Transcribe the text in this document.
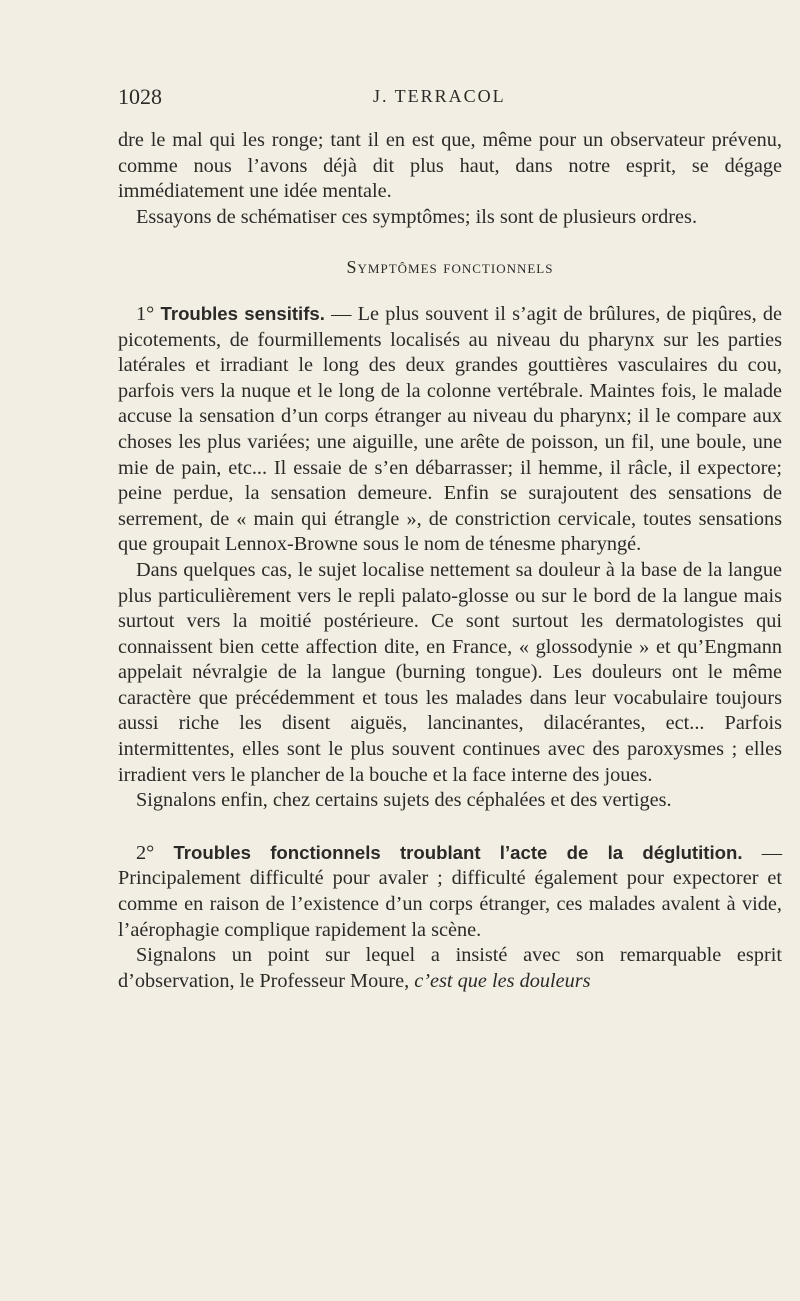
1028	J. TERRACOL

dre le mal qui les ronge; tant il en est que, même pour un observateur prévenu, comme nous l’avons déjà dit plus haut, dans notre esprit, se dégage immédiatement une idée mentale.

Essayons de schématiser ces symptômes; ils sont de plusieurs ordres.

Symptômes fonctionnels

1° Troubles sensitifs. — Le plus souvent il s’agit de brûlures, de piqûres, de picotements, de fourmillements localisés au niveau du pharynx sur les parties latérales et irradiant le long des deux grandes gouttières vasculaires du cou, parfois vers la nuque et le long de la colonne vertébrale. Maintes fois, le malade accuse la sensation d’un corps étranger au niveau du pharynx; il le compare aux choses les plus variées; une aiguille, une arête de poisson, un fil, une boule, une mie de pain, etc... Il essaie de s’en débarrasser; il hemme, il râcle, il expectore; peine perdue, la sensation demeure. Enfin se surajoutent des sensations de serrement, de « main qui étrangle », de constriction cervicale, toutes sensations que groupait Lennox-Browne sous le nom de ténesme pharyngé.

Dans quelques cas, le sujet localise nettement sa douleur à la base de la langue plus particulièrement vers le repli palato-glosse ou sur le bord de la langue mais surtout vers la moitié postérieure. Ce sont surtout les dermatologistes qui connaissent bien cette affection dite, en France, « glossodynie » et qu’Engmann appelait névralgie de la langue (burning tongue). Les douleurs ont le même caractère que précédemment et tous les malades dans leur vocabulaire toujours aussi riche les disent aiguës, lancinantes, dilacérantes, ect... Parfois intermittentes, elles sont le plus souvent continues avec des paroxysmes ; elles irradient vers le plancher de la bouche et la face interne des joues.

Signalons enfin, chez certains sujets des céphalées et des vertiges.

2° Troubles fonctionnels troublant l’acte de la déglutition. — Principalement difficulté pour avaler ; difficulté également pour expectorer et comme en raison de l’existence d’un corps étranger, ces malades avalent à vide, l’aérophagie complique rapidement la scène.

Signalons un point sur lequel a insisté avec son remarquable esprit d’observation, le Professeur Moure, c’est que les douleurs
